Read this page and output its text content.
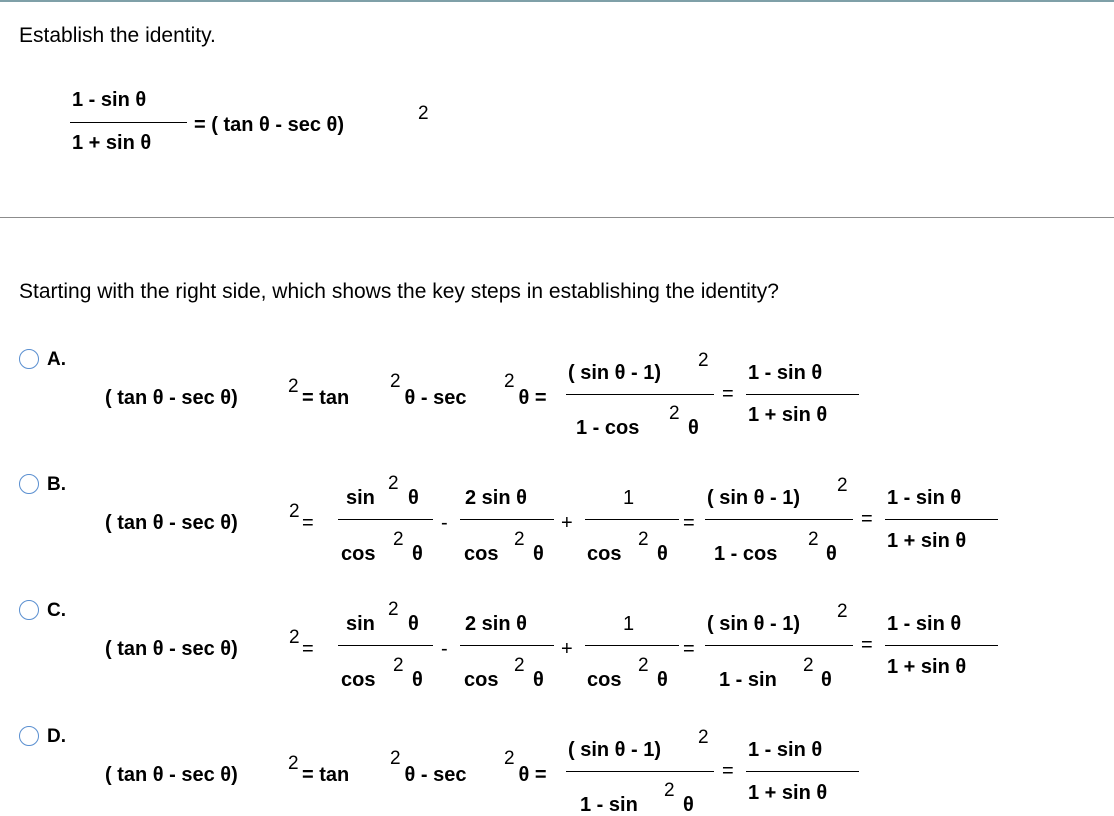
Establish the identity.
1 - sin θ
1 + sin θ
= ( tan θ - sec θ)
2
Starting with the right side, which shows the key steps in establishing the identity?
A.
( tan θ - sec θ)
2
= tan
2
θ - sec
2
θ =
( sin θ - 1)
2
1 - cos
2
θ
=
1 - sin θ
1 + sin θ
B.
( tan θ - sec θ)
2
=
sin
2
θ
cos
2
θ
-
2 sin θ
cos
2
θ
+
1
cos
2
θ
=
( sin θ - 1)
2
1 - cos
2
θ
=
1 - sin θ
1 + sin θ
C.
( tan θ - sec θ)
2
=
sin
2
θ
cos
2
θ
-
2 sin θ
cos
2
θ
+
1
cos
2
θ
=
( sin θ - 1)
2
1 - sin
2
θ
=
1 - sin θ
1 + sin θ
D.
( tan θ - sec θ)
2
= tan
2
θ - sec
2
θ =
( sin θ - 1)
2
1 - sin
2
θ
=
1 - sin θ
1 + sin θ
